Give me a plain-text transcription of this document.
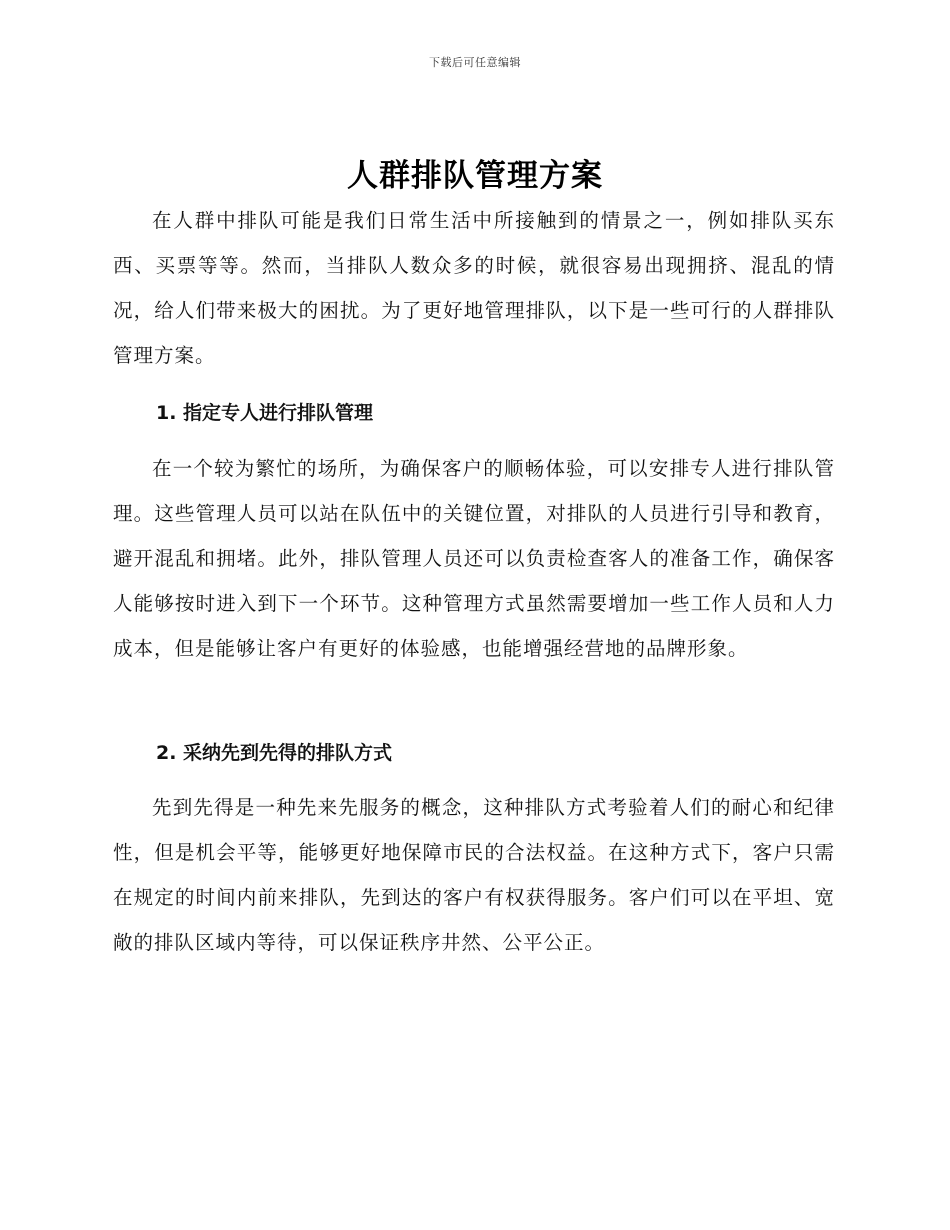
下载后可任意编辑
人群排队管理方案

在人群中排队可能是我们日常生活中所接触到的情景之一，例如排队买东西、买票等等。然而，当排队人数众多的时候，就很容易出现拥挤、混乱的情况，给人们带来极大的困扰。为了更好地管理排队，以下是一些可行的人群排队管理方案。

1. 指定专人进行排队管理

在一个较为繁忙的场所，为确保客户的顺畅体验，可以安排专人进行排队管理。这些管理人员可以站在队伍中的关键位置，对排队的人员进行引导和教育，避开混乱和拥堵。此外，排队管理人员还可以负责检查客人的准备工作，确保客人能够按时进入到下一个环节。这种管理方式虽然需要增加一些工作人员和人力成本，但是能够让客户有更好的体验感，也能增强经营地的品牌形象。

2. 采纳先到先得的排队方式

先到先得是一种先来先服务的概念，这种排队方式考验着人们的耐心和纪律性，但是机会平等，能够更好地保障市民的合法权益。在这种方式下，客户只需在规定的时间内前来排队，先到达的客户有权获得服务。客户们可以在平坦、宽敞的排队区域内等待，可以保证秩序井然、公平公正。
